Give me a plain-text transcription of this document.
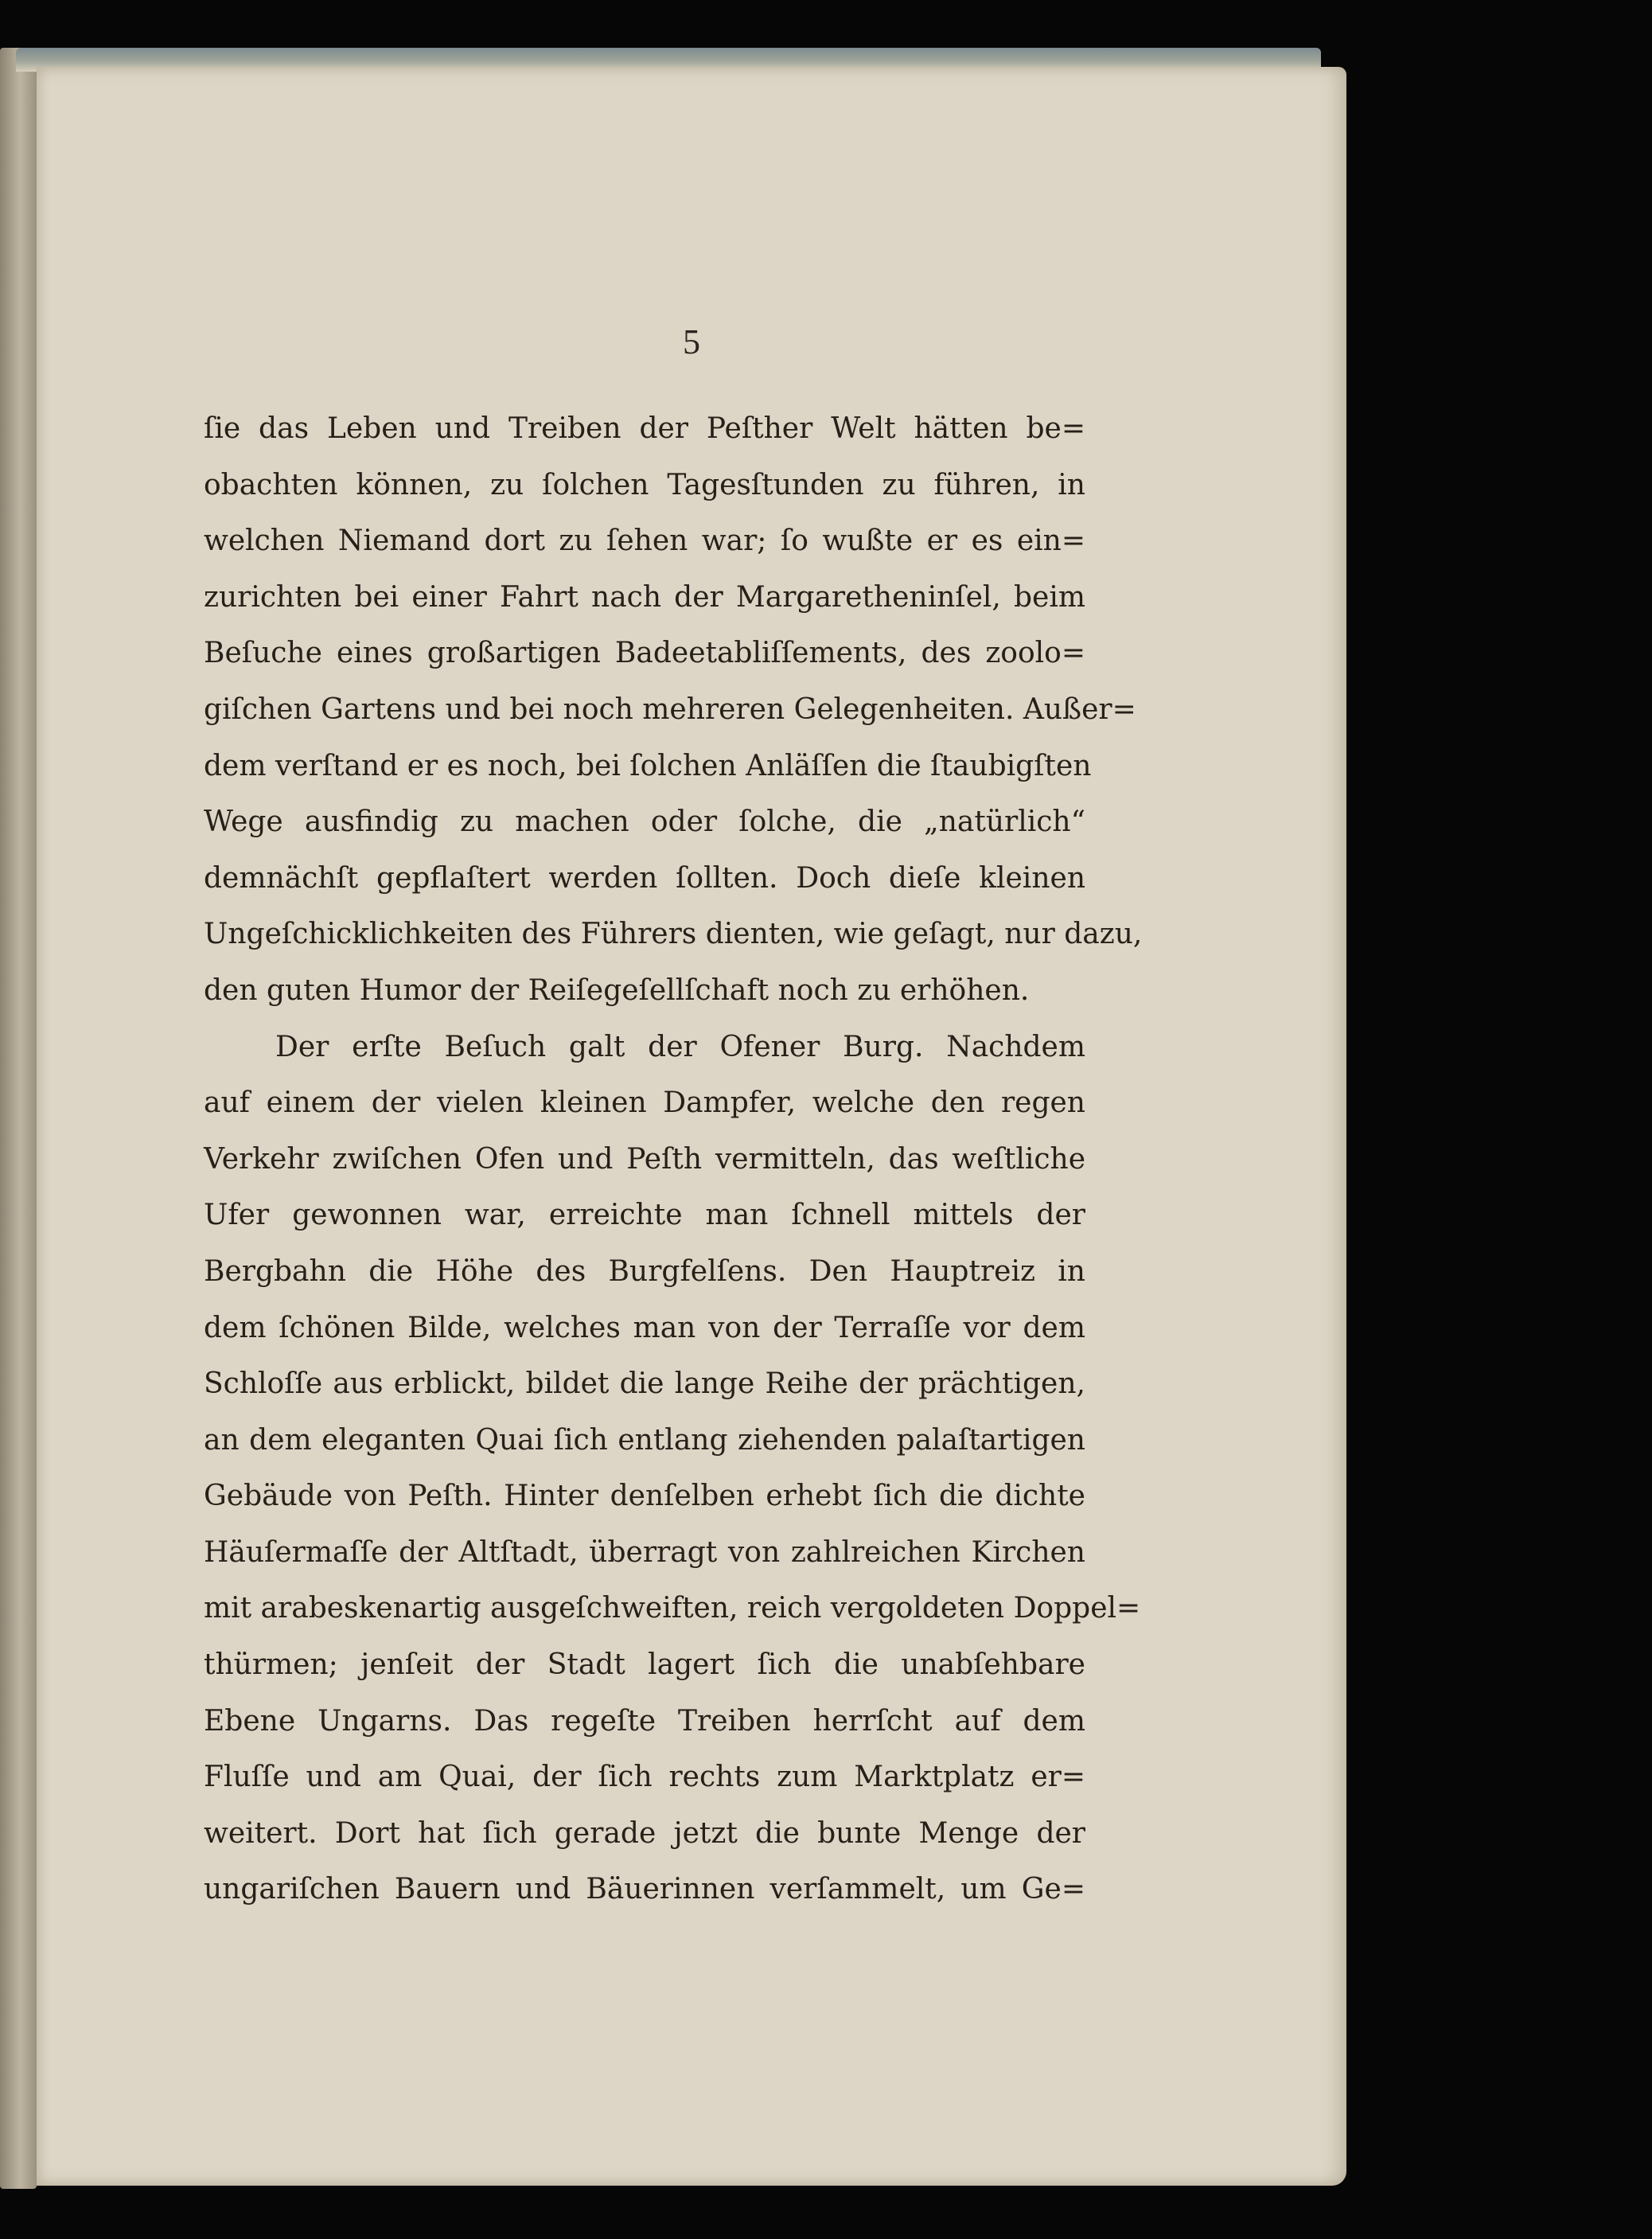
5

ſie das Leben und Treiben der Peſther Welt hätten be=

obachten können, zu ſolchen Tagesſtunden zu führen, in

welchen Niemand dort zu ſehen war; ſo wußte er es ein=

zurichten bei einer Fahrt nach der Margaretheninſel, beim

Beſuche eines großartigen Badeetabliſſements, des zoolo=

giſchen Gartens und bei noch mehreren Gelegenheiten. Außer=

dem verſtand er es noch, bei ſolchen Anläſſen die ſtaubigſten

Wege ausfindig zu machen oder ſolche, die „natürlich“

demnächſt gepflaſtert werden ſollten. Doch dieſe kleinen

Ungeſchicklichkeiten des Führers dienten, wie geſagt, nur dazu,

den guten Humor der Reiſegeſellſchaft noch zu erhöhen.

Der erſte Beſuch galt der Ofener Burg. Nachdem

auf einem der vielen kleinen Dampfer, welche den regen

Verkehr zwiſchen Ofen und Peſth vermitteln, das weſtliche

Ufer gewonnen war, erreichte man ſchnell mittels der

Bergbahn die Höhe des Burgfelſens. Den Hauptreiz in

dem ſchönen Bilde, welches man von der Terraſſe vor dem

Schloſſe aus erblickt, bildet die lange Reihe der prächtigen,

an dem eleganten Quai ſich entlang ziehenden palaſtartigen

Gebäude von Peſth. Hinter denſelben erhebt ſich die dichte

Häuſermaſſe der Altſtadt, überragt von zahlreichen Kirchen

mit arabeskenartig ausgeſchweiften, reich vergoldeten Doppel=

thürmen; jenſeit der Stadt lagert ſich die unabſehbare

Ebene Ungarns. Das regeſte Treiben herrſcht auf dem

Fluſſe und am Quai, der ſich rechts zum Marktplatz er=

weitert. Dort hat ſich gerade jetzt die bunte Menge der

ungariſchen Bauern und Bäuerinnen verſammelt, um Ge=
